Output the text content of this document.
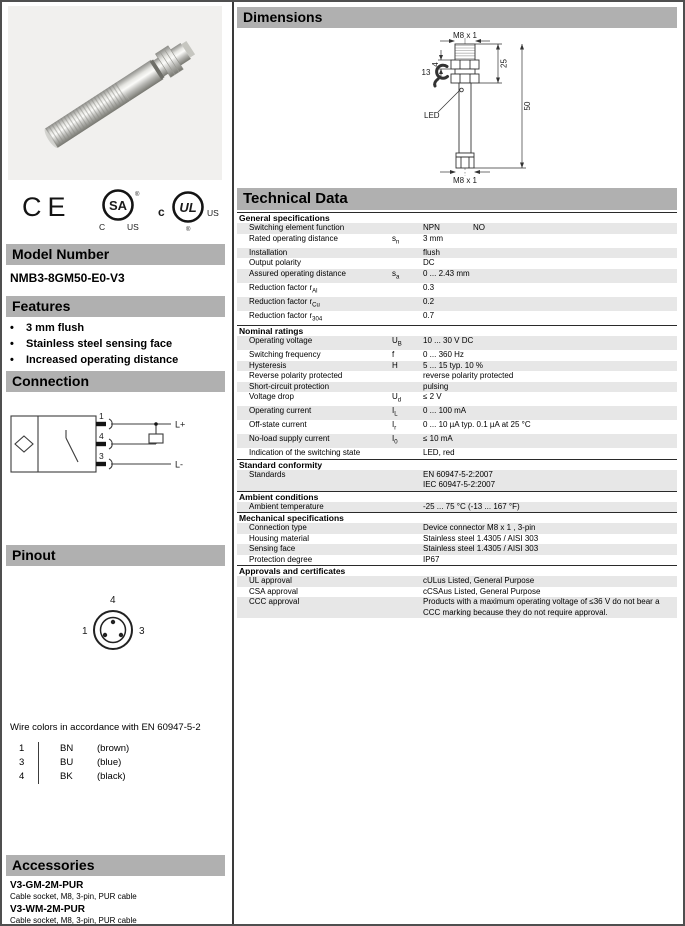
CE	SA
®
C	US
c UL US
®
Model Number
NMB3-8GM50-E0-V3
Features
•	3 mm flush
•	Stainless steel sensing face
•	Increased operating distance
Connection
1
4
3
L+
L-
Pinout
4
1	3
Wire colors in accordance with EN 60947-5-2
1	BN	(brown)
3	BU	(blue)
4	BK	(black)
Accessories
V3-GM-2M-PUR
Cable socket, M8, 3-pin, PUR cable
V3-WM-2M-PUR
Cable socket, M8, 3-pin, PUR cable
Dimensions
M8 x 1
M8 x 1
4	25
50
13
LED
Technical Data
General specifications
Switching element function	NPN	NO
Rated operating distance	$s_n$	3 mm
Installation	flush
Output polarity	DC
Assured operating distance	$s_a$	0 ... 2.43 mm
Reduction factor $r_{Al}$	0.3
Reduction factor $r_{Cu}$	0.2
Reduction factor $r_{304}$	0.7
Nominal ratings
Operating voltage	$U_B$	10 ... 30 V DC
Switching frequency	f	0 ... 360 Hz
Hysteresis	H	5 ... 15 typ. 10 %
Reverse polarity protected	reverse polarity protected
Short-circuit protection	pulsing
Voltage drop	$U_d$	≤ 2 V
Operating current	$I_L$	0 ... 100 mA
Off-state current	$I_r$	0 ... 10 µA typ. 0.1 µA at 25 °C
No-load supply current	$I_0$	≤ 10 mA
Indication of the switching state	LED, red
Standard conformity
Standards	EN 60947-5-2:2007
IEC 60947-5-2:2007
Ambient conditions
Ambient temperature	-25 ... 75 °C (-13 ... 167 °F)
Mechanical specifications
Connection type	Device connector M8 x 1 , 3-pin
Housing material	Stainless steel 1.4305 / AISI 303
Sensing face	Stainless steel 1.4305 / AISI 303
Protection degree	IP67
Approvals and certificates
UL approval	cULus Listed, General Purpose
CSA approval	cCSAus Listed, General Purpose
CCC approval	Products with a maximum operating voltage of ≤36 V do not bear a
CCC marking because they do not require approval.
